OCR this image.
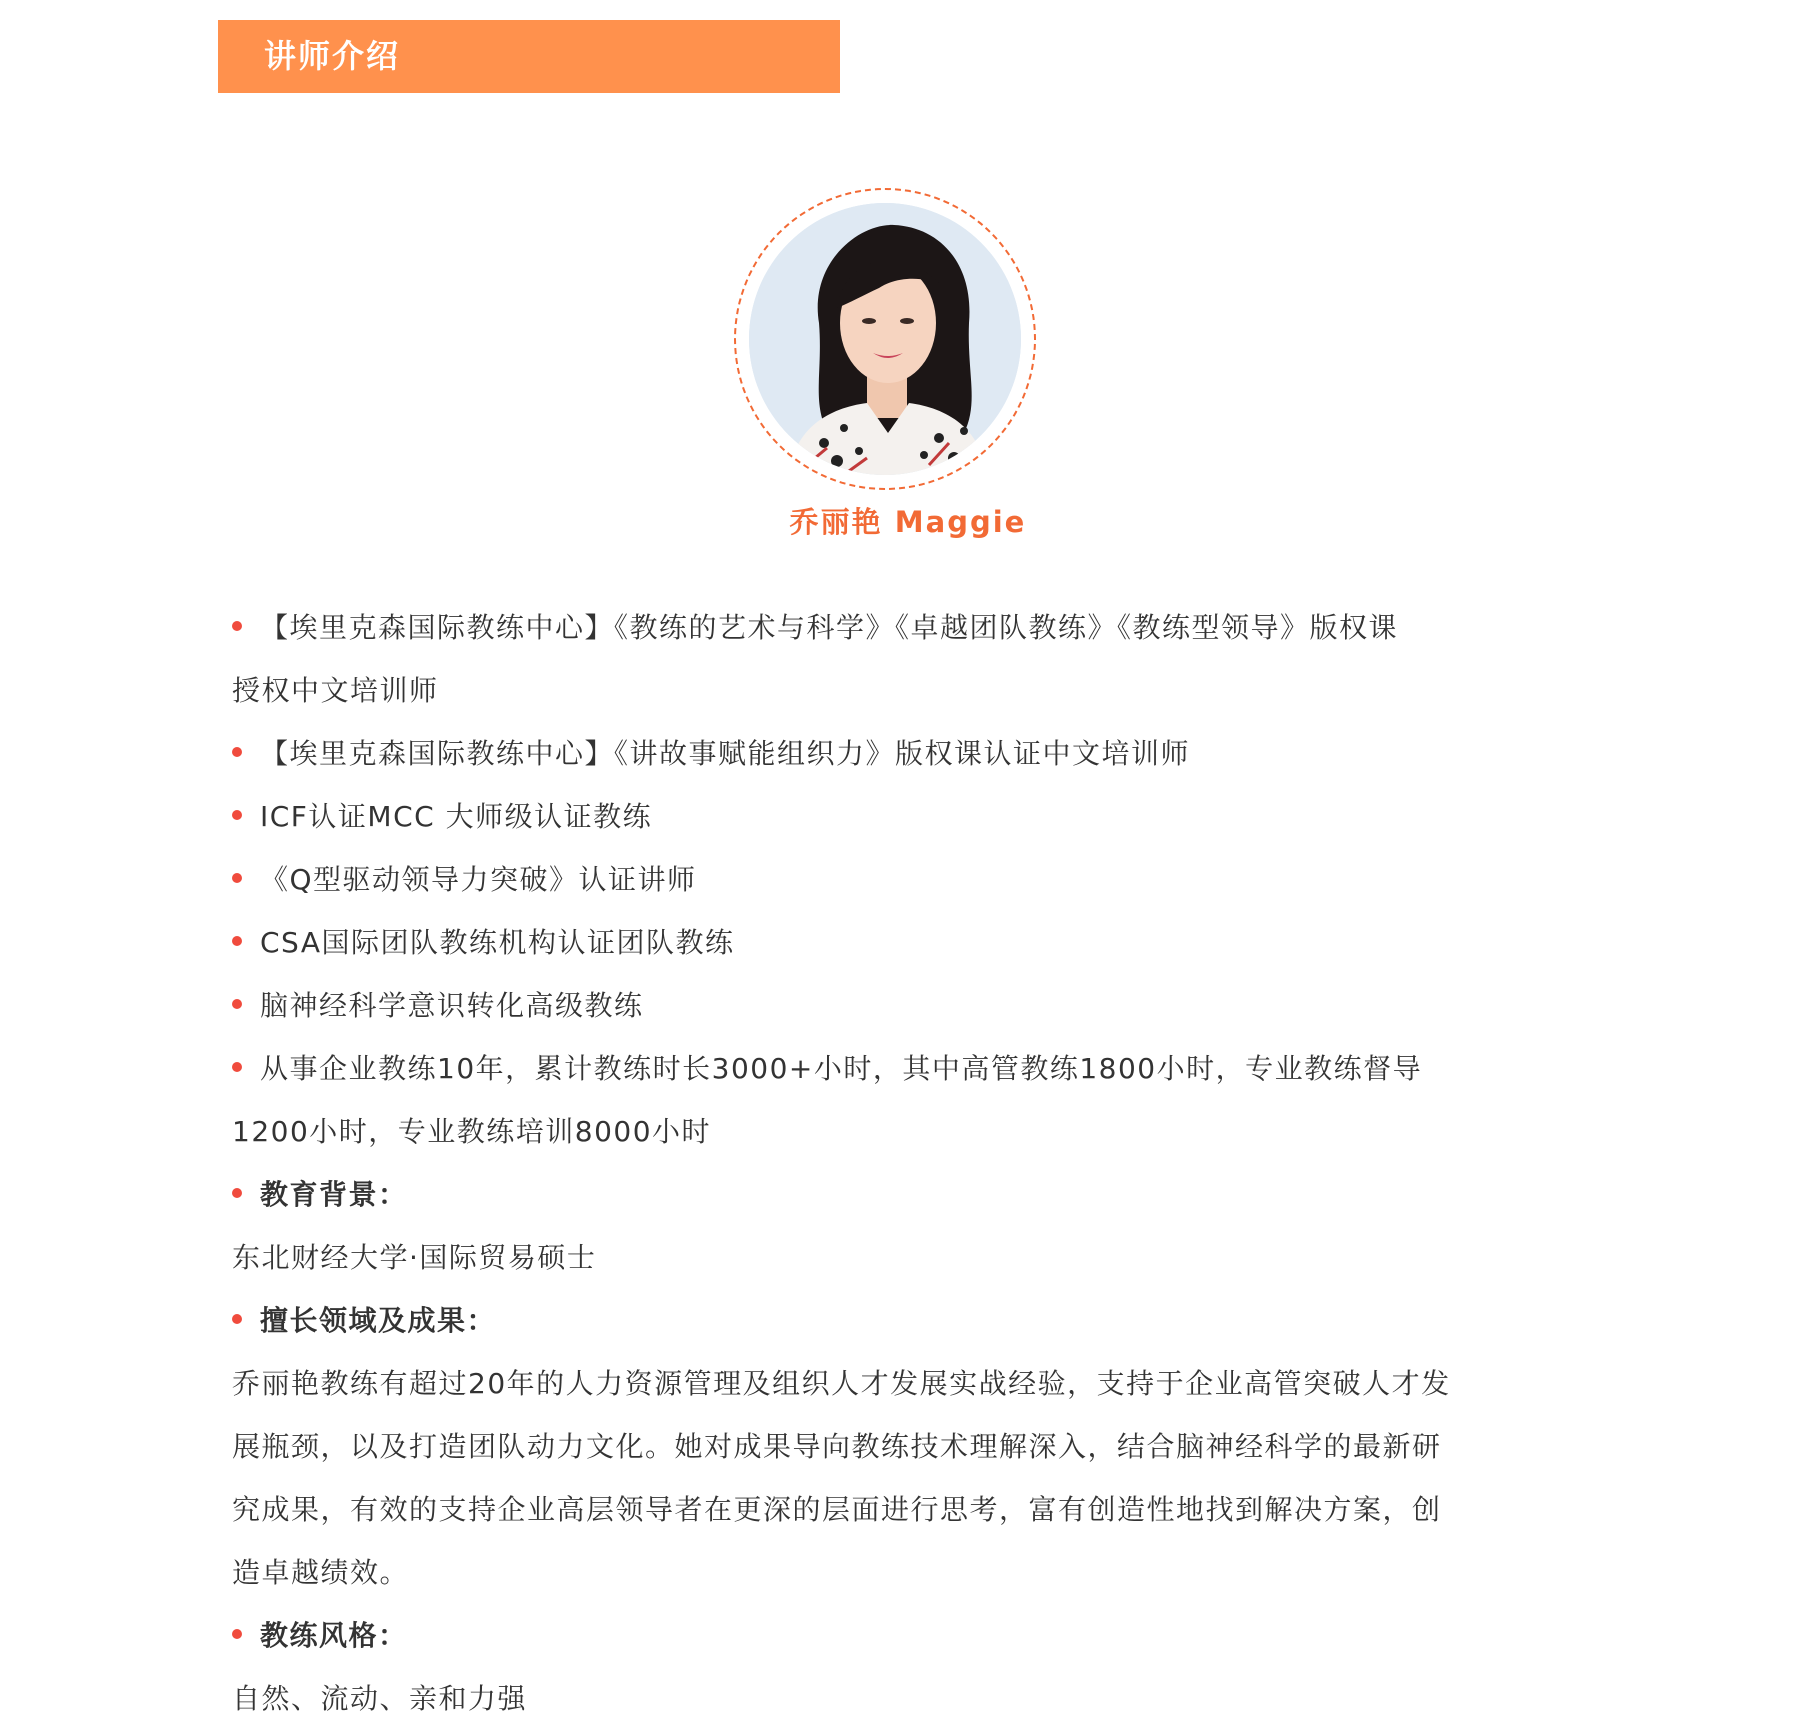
讲师介绍
乔丽艳 Maggie
【埃里克森国际教练中心】《教练的艺术与科学》《卓越团队教练》《教练型领导》版权课
授权中文培训师
【埃里克森国际教练中心】《讲故事赋能组织力》版权课认证中文培训师
ICF认证MCC 大师级认证教练
《Q型驱动领导力突破》认证讲师
CSA国际团队教练机构认证团队教练
脑神经科学意识转化高级教练
从事企业教练10年，累计教练时长3000+小时，其中高管教练1800小时，专业教练督导
1200小时，专业教练培训8000小时
教育背景：
东北财经大学·国际贸易硕士
擅长领域及成果：
乔丽艳教练有超过20年的人力资源管理及组织人才发展实战经验，支持于企业高管突破人才发
展瓶颈，以及打造团队动力文化。她对成果导向教练技术理解深入，结合脑神经科学的最新研
究成果，有效的支持企业高层领导者在更深的层面进行思考，富有创造性地找到解决方案，创
造卓越绩效。
教练风格：
自然、流动、亲和力强
